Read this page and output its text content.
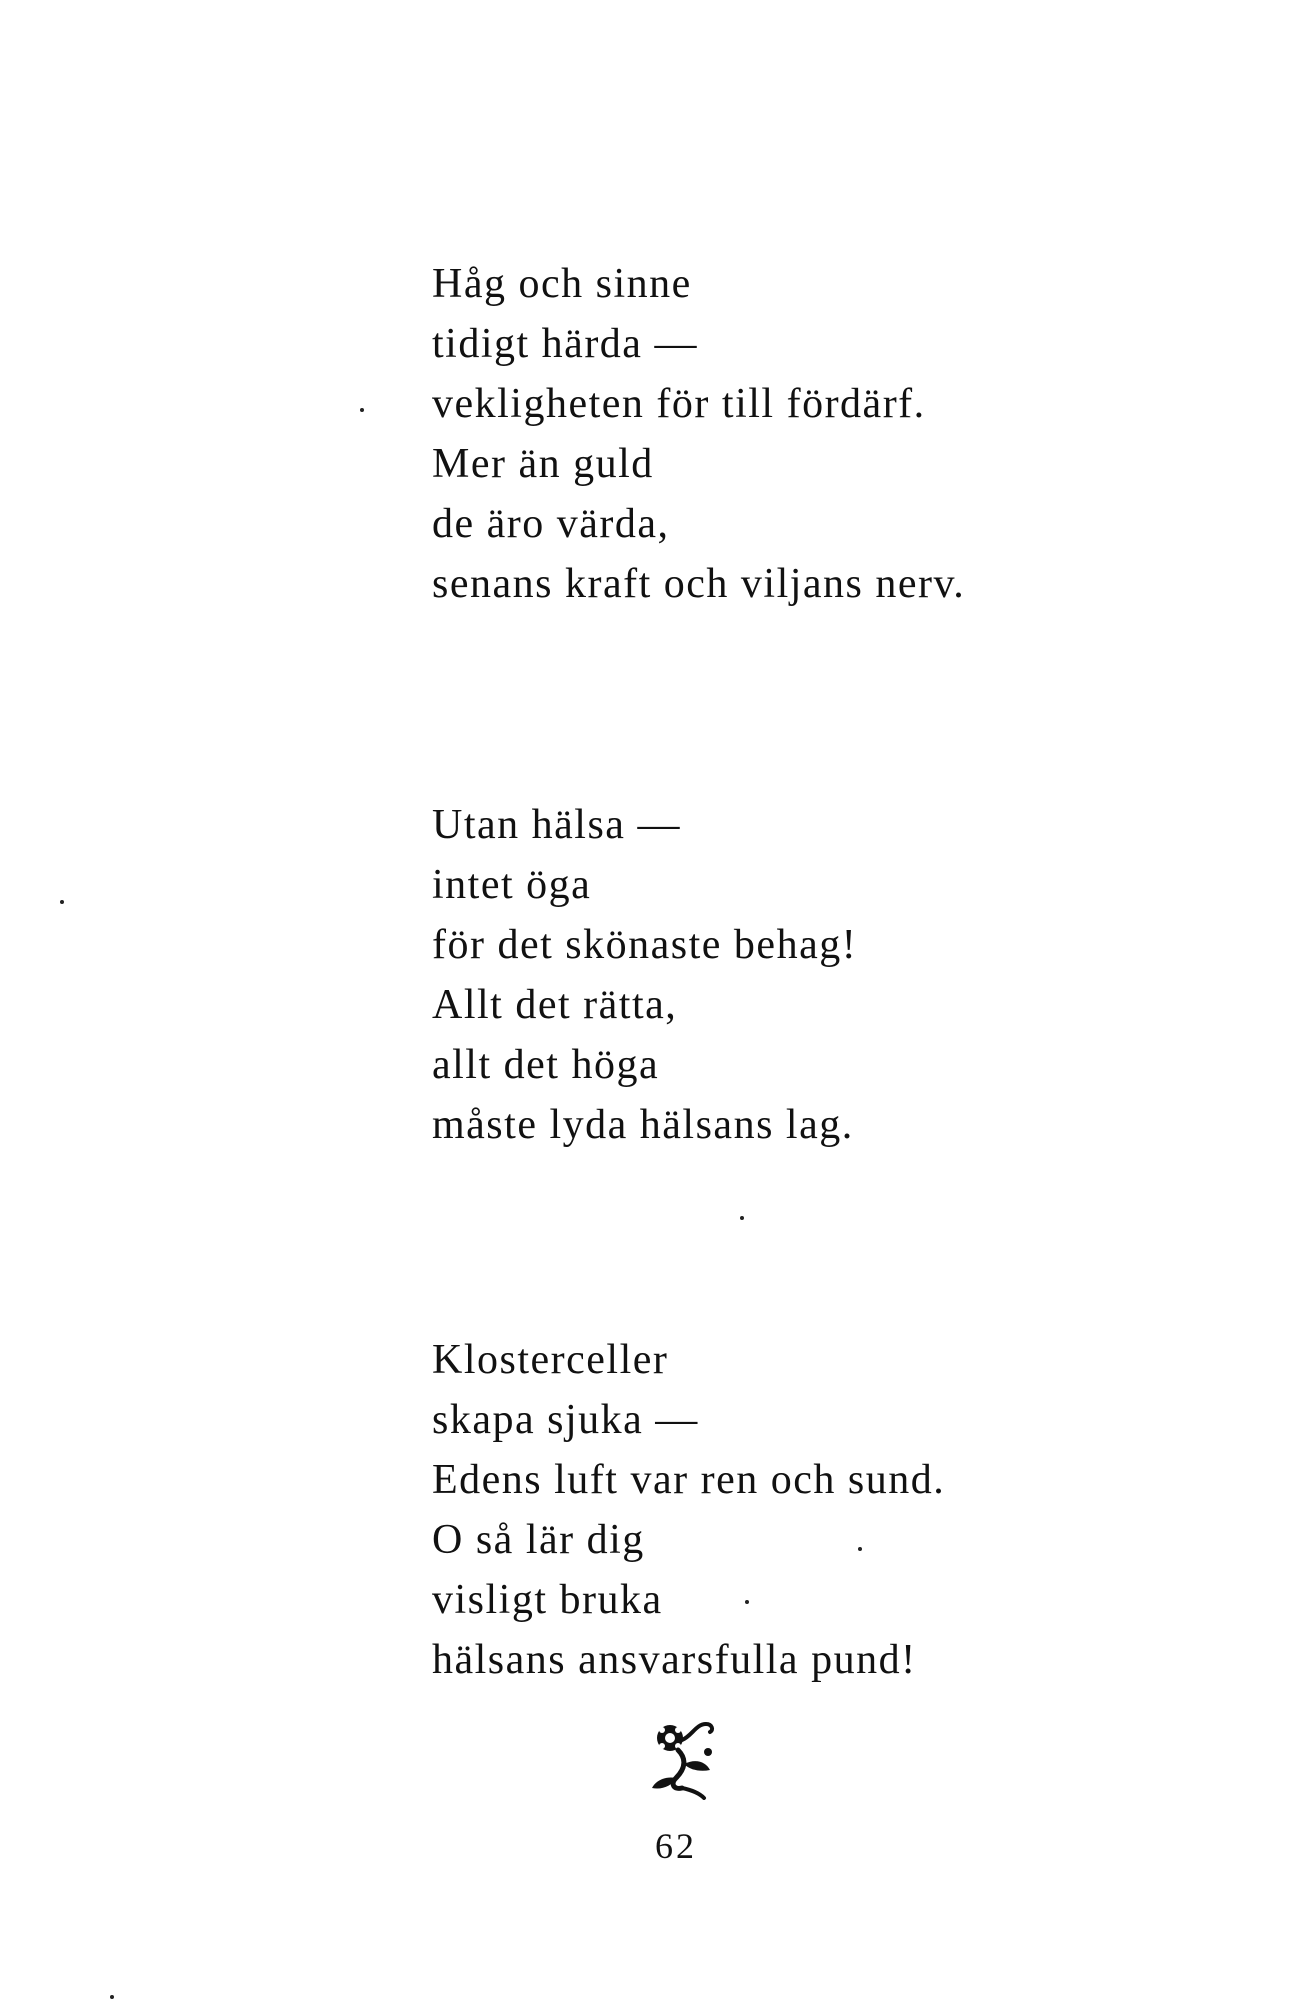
Håg och sinne
tidigt härda —
vekligheten för till fördärf.
Mer än guld
de äro värda,
senans kraft och viljans nerv.
Utan hälsa —
intet öga
för det skönaste behag!
Allt det rätta,
allt det höga
måste lyda hälsans lag.
Klosterceller
skapa sjuka —
Edens luft var ren och sund.
O så lär dig
visligt bruka
hälsans ansvarsfulla pund!
62
